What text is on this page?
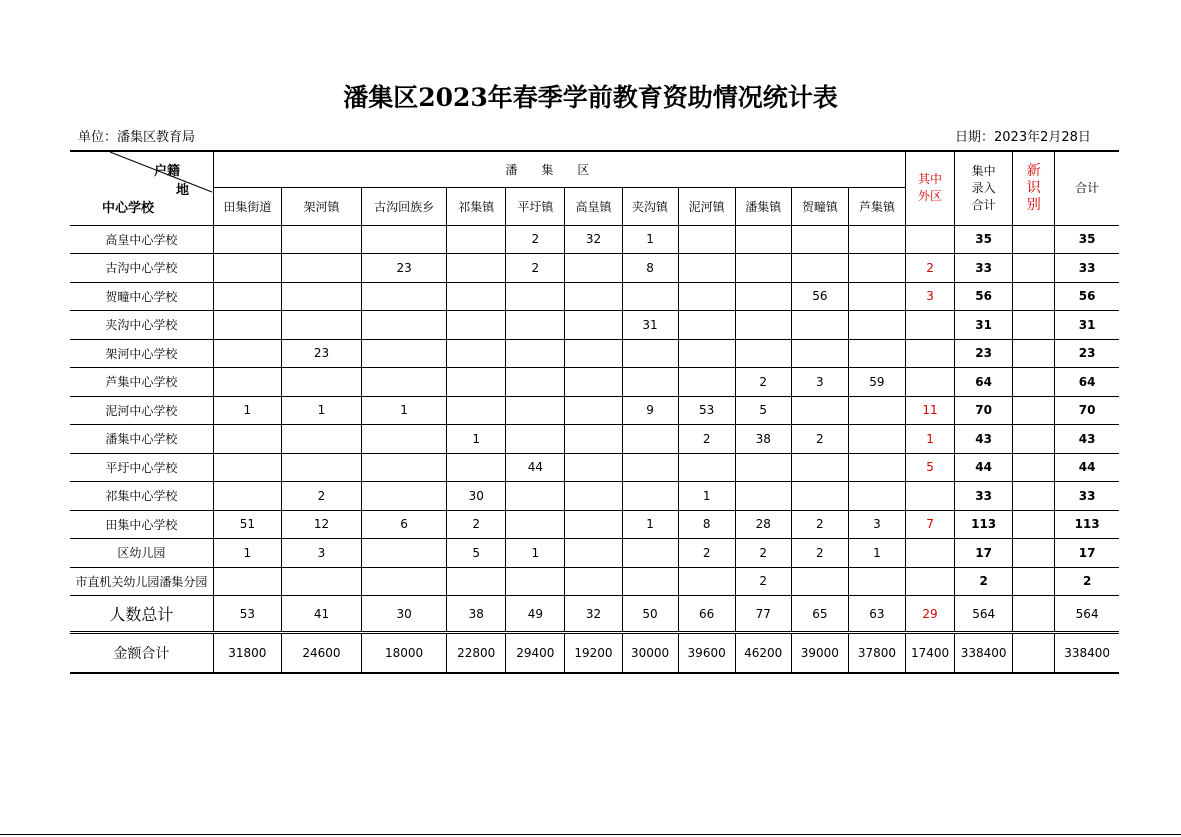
潘集区2023年春季学前教育资助情况统计表
单位：潘集区教育局	日期：2023年2月28日
户籍
地
中心学校	潘集区											其中外区	集中录入合计	新识别	合计
	田集街道	架河镇	古沟回族乡	祁集镇	平圩镇	高皇镇	夹沟镇	泥河镇	潘集镇	贺疃镇	芦集镇				
高皇中心学校					2	32	1						35		35
古沟中心学校			23		2		8					2	33		33
贺疃中心学校										56		3	56		56
夹沟中心学校							31						31		31
架河中心学校		23											23		23
芦集中心学校									2	3	59		64		64
泥河中心学校	1	1	1				9	53	5			11	70		70
潘集中心学校				1				2	38	2		1	43		43
平圩中心学校					44							5	44		44
祁集中心学校		2		30				1					33		33
田集中心学校	51	12	6	2			1	8	28	2	3	7	113		113
区幼儿园	1	3		5	1			2	2	2	1		17		17
市直机关幼儿园潘集分园									2				2		2
人数总计	53	41	30	38	49	32	50	66	77	65	63	29	564		564
金额合计	31800	24600	18000	22800	29400	19200	30000	39600	46200	39000	37800	17400	338400		338400
